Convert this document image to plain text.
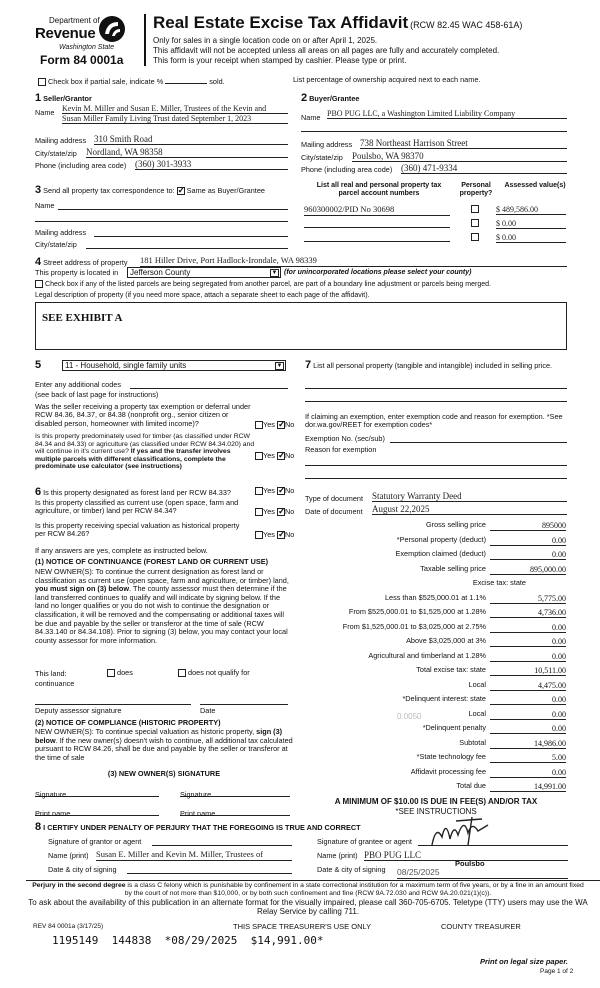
Department of
Revenue
Washington State
Form 84 0001a
Real Estate Excise Tax Affidavit (RCW 82.45 WAC 458-61A)
Only for sales in a single location code on or after April 1, 2025.
This affidavit will not be accepted unless all areas on all pages are fully and accurately completed.
This form is your receipt when stamped by cashier. Please type or print.
Check box if partial sale, indicate %	sold.	List percentage of ownership acquired next to each name.
1 Seller/Grantor
Name Kevin M. Miller and Susan E. Miller, Trustees of the Kevin and
Susan Miller Family Living Trust dated September 1, 2023
Mailing address 310 Smith Road
City/state/zip Nordland, WA 98358
Phone (including area code) (360) 301-3933
2 Buyer/Grantee
Name PBO PUG LLC, a Washington Limited Liability Company
Mailing address 738 Northeast Harrison Street
City/state/zip Poulsbo, WA 98370
Phone (including area code) (360) 471-9334
List all real and personal property tax parcel account numbers
Personal property?
Assessed value(s)
960300002/PID No 30698	$ 489,586.00
$ 0.00
$ 0.00
3 Send all property tax correspondence to: ✓ Same as Buyer/Grantee
Name
Mailing address
City/state/zip
4 Street address of property 181 Hiller Drive, Port Hadlock-Irondale, WA 98339
This property is located in	Jefferson County	▼ (for unincorporated locations please select your county)
Check box if any of the listed parcels are being segregated from another parcel, are part of a boundary line adjustment or parcels being merged.
Legal description of property (if you need more space, attach a separate sheet to each page of the affidavit).
SEE EXHIBIT A
5	11 - Household, single family units	▼
Enter any additional codes
(see back of last page for instructions)
Was the seller receiving a property tax exemption or deferral under RCW 84.36, 84.37, or 84.38 (nonprofit org., senior citizen or disabled person, homeowner with limited income)?	Yes ✓ No
Is this property predominately used for timber (as classified under RCW 84.34 and 84.33) or agriculture (as classified under RCW 84.34.020) and will continue in it's current use? If yes and the transfer involves multiple parcels with different classifications, complete the predominate use calculator (see instructions)
Yes ✓ No
7 List all personal property (tangible and intangible) included in selling price.
If claiming an exemption, enter exemption code and reason for exemption. *See dor.wa.gov/REET for exemption codes*
Exemption No. (sec/sub)
Reason for exemption
Type of document Statutory Warranty Deed
Date of document August 22,2025
6 Is this property designated as forest land per RCW 84.33?	Yes ✓ No
Is this property classified as current use (open space, farm and agriculture, or timber) land per RCW 84.34?	Yes ✓ No
Is this property receiving special valuation as historical property per RCW 84.26?	Yes ✓ No
If any answers are yes, complete as instructed below.
(1) NOTICE OF CONTINUANCE (FOREST LAND OR CURRENT USE)
NEW OWNER(S): To continue the current designation as forest land or classification as current use (open space, farm and agriculture, or timber) land, you must sign on (3) below. The county assessor must then determine if the land transferred continues to qualify and will indicate by signing below. If the land no longer qualifies or you do not wish to continue the designation or classification, it will be removed and the compensating or additional taxes will be due and payable by the seller or transferor at the time of sale (RCW 84.33.140 or 84.34.108). Prior to signing (3) below, you may contact your local county assessor for more information.
This land:	does	does not qualify for
continuance
Deputy assessor signature	Date
(2) NOTICE OF COMPLIANCE (HISTORIC PROPERTY)
NEW OWNER(S): To continue special valuation as historic property, sign (3) below. If the new owner(s) doesn't wish to continue, all additional tax calculated pursuant to RCW 84.26, shall be due and payable by the seller or transferor at the time of sale
(3) NEW OWNER(S) SIGNATURE
Signature	Signature
Print name	Print name
Gross selling price	895000
*Personal property (deduct)	0.00
Exemption claimed (deduct)	0.00
Taxable selling price	895,000.00
Excise tax: state
Less than $525,000.01 at 1.1%	5,775.00
From $525,000.01 to $1,525,000 at 1.28%	4,736.00
From $1,525,000.01 to $3,025,000 at 2.75%	0.00
Above $3,025,000 at 3%	0.00
Agricultural and timberland at 1.28%	0.00
Total excise tax: state	10,511.00
Local	4,475.00
*Delinquent interest: state	0.00
Local	0.00
*Delinquent penalty	0.00
Subtotal	14,986.00
*State technology fee	5.00
Affidavit processing fee	0.00
Total due	14,991.00
0.0050
A MINIMUM OF $10.00 IS DUE IN FEE(S) AND/OR TAX
*SEE INSTRUCTIONS
8 I CERTIFY UNDER PENALTY OF PERJURY THAT THE FOREGOING IS TRUE AND CORRECT
Signature of grantor or agent
Name (print) Susan E. Miller and Kevin M. Miller, Trustees of
Date & city of signing
Signature of grantee or agent
Name (print) PBO PUG LLC
Poulsbo
Date & city of signing 08/25/2025
Perjury in the second degree is a class C felony which is punishable by confinement in a state correctional institution for a maximum term of five years, or by a fine in an amount fixed by the court of not more than $10,000, or by both such confinement and fine (RCW 9A.72.030 and RCW 9A.20.021(1)(c)).
To ask about the availability of this publication in an alternate format for the visually impaired, please call 360-705-6705. Teletype (TTY) users may use the WA Relay Service by calling 711.
REV 84 0001a (3/17/25)	THIS SPACE TREASURER'S USE ONLY	COUNTY TREASURER
1195149  144838  *08/29/2025  $14,991.00*
Print on legal size paper.
Page 1 of 2
